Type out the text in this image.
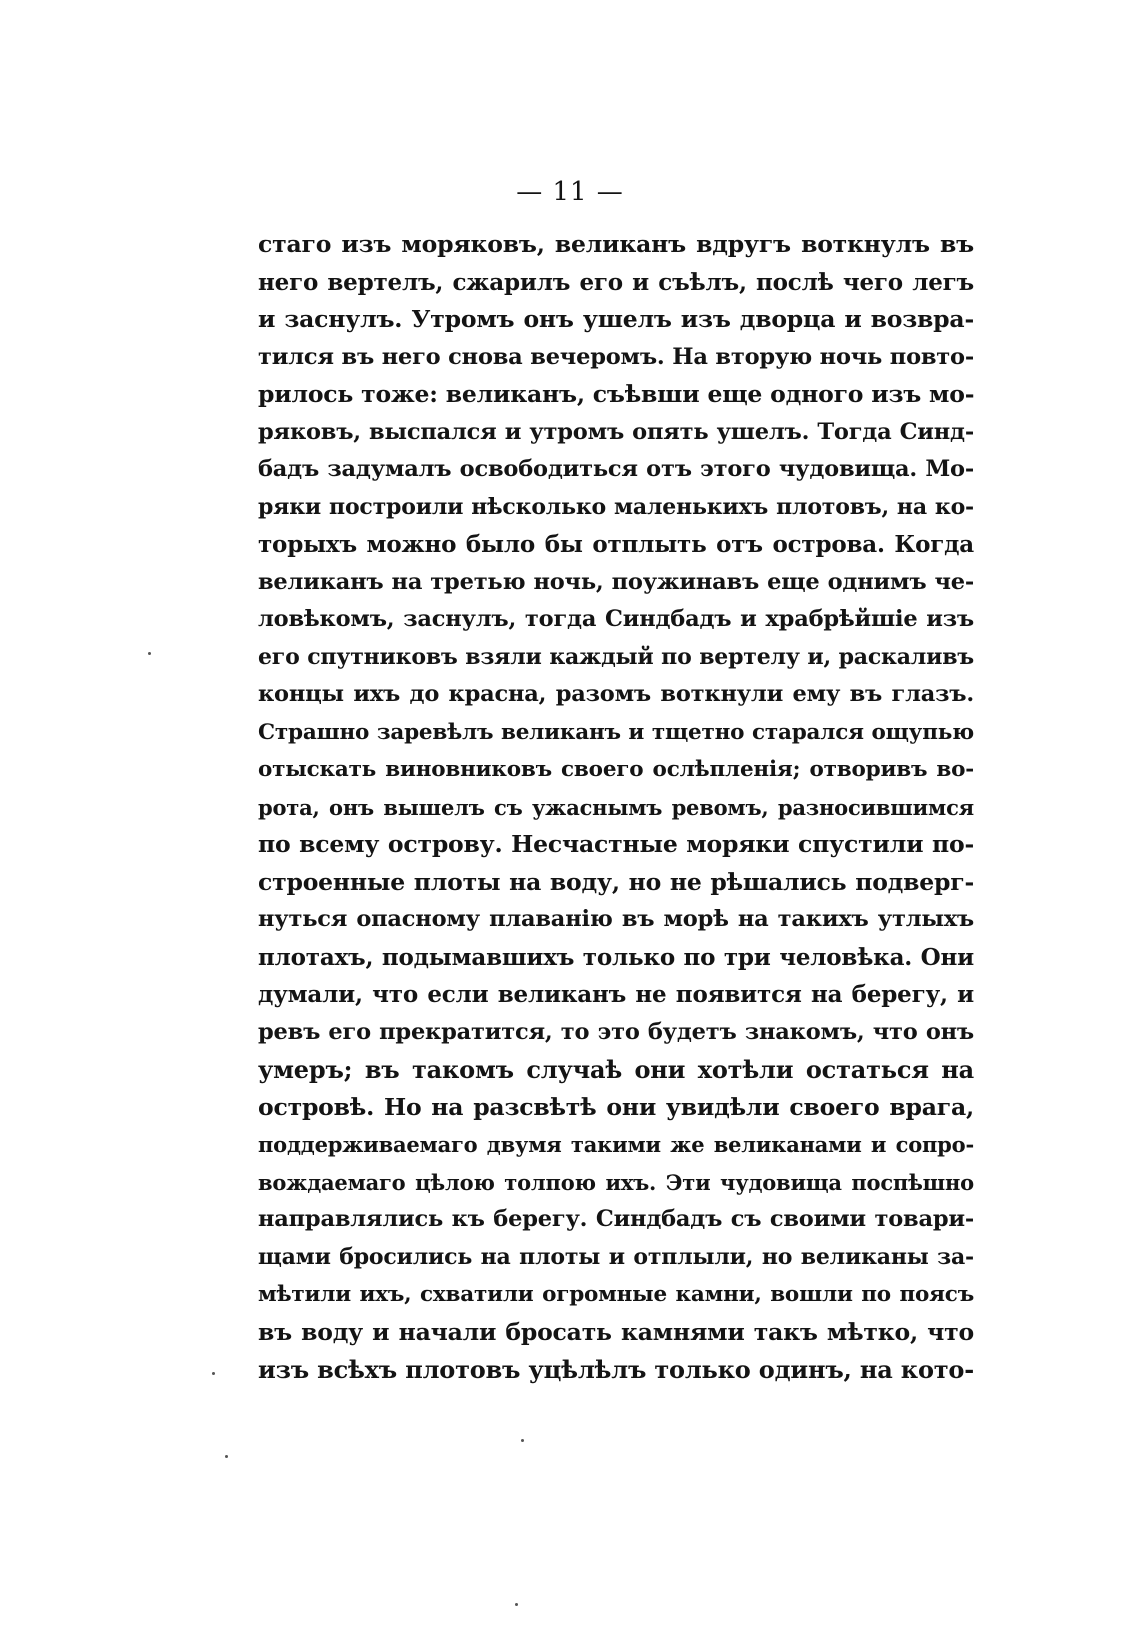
— 11 —
стаго изъ моряковъ, великанъ вдругъ воткнулъ въ
него вертелъ, сжарилъ его и съѣлъ, послѣ чего легъ
и заснулъ. Утромъ онъ ушелъ изъ дворца и возвра-
тился въ него снова вечеромъ. На вторую ночь повто-
рилось тоже: великанъ, съѣвши еще одного изъ мо-
ряковъ, выспался и утромъ опять ушелъ. Тогда Синд-
бадъ задумалъ освободиться отъ этого чудовища. Мо-
ряки построили нѣсколько маленькихъ плотовъ, на ко-
торыхъ можно было бы отплыть отъ острова. Когда
великанъ на третью ночь, поужинавъ еще однимъ че-
ловѣкомъ, заснулъ, тогда Синдбадъ и храбрѣйшіе изъ
его спутниковъ взяли каждый по вертелу и, раскаливъ
концы ихъ до красна, разомъ воткнули ему въ глазъ.
Страшно заревѣлъ великанъ и тщетно старался ощупью
отыскать виновниковъ своего ослѣпленія; отворивъ во-
рота, онъ вышелъ съ ужаснымъ ревомъ, разносившимся
по всему острову. Несчастные моряки спустили по-
строенные плоты на воду, но не рѣшались подверг-
нуться опасному плаванію въ морѣ на такихъ утлыхъ
плотахъ, подымавшихъ только по три человѣка. Они
думали, что если великанъ не появится на берегу, и
ревъ его прекратится, то это будетъ знакомъ, что онъ
умеръ; въ такомъ случаѣ они хотѣли остаться на
островѣ. Но на разсвѣтѣ они увидѣли своего врага,
поддерживаемаго двумя такими же великанами и сопро-
вождаемаго цѣлою толпою ихъ. Эти чудовища поспѣшно
направлялись къ берегу. Синдбадъ съ своими товари-
щами бросились на плоты и отплыли, но великаны за-
мѣтили ихъ, схватили огромные камни, вошли по поясъ
въ воду и начали бросать камнями такъ мѣтко, что
изъ всѣхъ плотовъ уцѣлѣлъ только одинъ, на кото-
